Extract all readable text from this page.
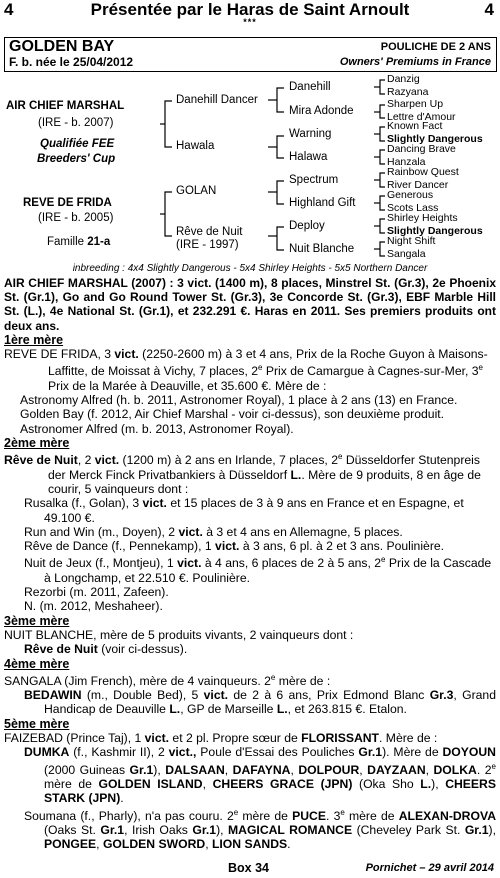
4	Présentée par le Haras de Saint Arnoult	4
***
GOLDEN BAY
F. b. née le 25/04/2012
POULICHE DE 2 ANS
Owners' Premiums in France
AIR CHIEF MARSHAL
(IRE - b. 2007)
Qualifiée FEE
Breeders' Cup
REVE DE FRIDA
(IRE - b. 2005)
Famille 21-a
Danehill Dancer
Hawala
GOLAN
Rêve de Nuit
(IRE - 1997)
Danehill
Mira Adonde
Warning
Halawa
Spectrum
Highland Gift
Deploy
Nuit Blanche
Danzig
Razyana
Sharpen Up
Lettre d'Amour
Known Fact
Slightly Dangerous
Dancing Brave
Hanzala
Rainbow Quest
River Dancer
Generous
Scots Lass
Shirley Heights
Slightly Dangerous
Night Shift
Sangala
inbreeding : 4x4 Slightly Dangerous - 5x4 Shirley Heights - 5x5 Northern Dancer

AIR CHIEF MARSHAL (2007) : 3 vict. (1400 m), 8 places, Minstrel St. (Gr.3), 2e Phoenix St. (Gr.1), Go and Go Round Tower St. (Gr.3), 3e Concorde St. (Gr.3), EBF Marble Hill St. (L.), 4e National St. (Gr.1), et 232.291 €. Haras en 2011. Ses premiers produits ont deux ans.

1ère mère

REVE DE FRIDA, 3 vict. (2250-2600 m) à 3 et 4 ans, Prix de la Roche Guyon à Maisons-Laffitte, de Moissat à Vichy, 7 places, 2e Prix de Camargue à Cagnes-sur-Mer, 3e Prix de la Marée à Deauville, et 35.600 €. Mère de :

Astronomy Alfred (h. b. 2011, Astronomer Royal), 1 place à 2 ans (13) en France.

Golden Bay (f. 2012, Air Chief Marshal - voir ci-dessus), son deuxième produit.

Astronomer Alfred (m. b. 2013, Astronomer Royal).

2ème mère

Rêve de Nuit, 2 vict. (1200 m) à 2 ans en Irlande, 7 places, 2e Düsseldorfer Stutenpreis der Merck Finck Privatbankiers à Düsseldorf L.. Mère de 9 produits, 8 en âge de courir, 5 vainqueurs dont :

Rusalka (f., Golan), 3 vict. et 15 places de 3 à 9 ans en France et en Espagne, et 49.100 €.

Run and Win (m., Doyen), 2 vict. à 3 et 4 ans en Allemagne, 5 places.

Rêve de Dance (f., Pennekamp), 1 vict. à 3 ans, 6 pl. à 2 et 3 ans. Poulinière.

Nuit de Jeux (f., Montjeu), 1 vict. à 4 ans, 6 places de 2 à 5 ans, 2e Prix de la Cascade à Longchamp, et 22.510 €. Poulinière.

Rezorbi (m. 2011, Zafeen).

N. (m. 2012, Meshaheer).

3ème mère

NUIT BLANCHE, mère de 5 produits vivants, 2 vainqueurs dont :

Rêve de Nuit (voir ci-dessus).

4ème mère

SANGALA (Jim French), mère de 4 vainqueurs. 2e mère de :

BEDAWIN (m., Double Bed), 5 vict. de 2 à 6 ans, Prix Edmond Blanc Gr.3, Grand Handicap de Deauville L., GP de Marseille L., et 263.815 €. Etalon.

5ème mère

FAIZEBAD (Prince Taj), 1 vict. et 2 pl. Propre sœur de FLORISSANT. Mère de :

DUMKA (f., Kashmir II), 2 vict., Poule d'Essai des Pouliches Gr.1). Mère de DOYOUN (2000 Guineas Gr.1), DALSAAN, DAFAYNA, DOLPOUR, DAYZAAN, DOLKA. 2e mère de GOLDEN ISLAND, CHEERS GRACE (JPN) (Oka Sho L.), CHEERS STARK (JPN).

Soumana (f., Pharly), n'a pas couru. 2e mère de PUCE. 3e mère de ALEXAN-DROVA (Oaks St. Gr.1, Irish Oaks Gr.1), MAGICAL ROMANCE (Cheveley Park St. Gr.1), PONGEE, GOLDEN SWORD, LION SANDS.

Box 34	Pornichet – 29 avril 2014
